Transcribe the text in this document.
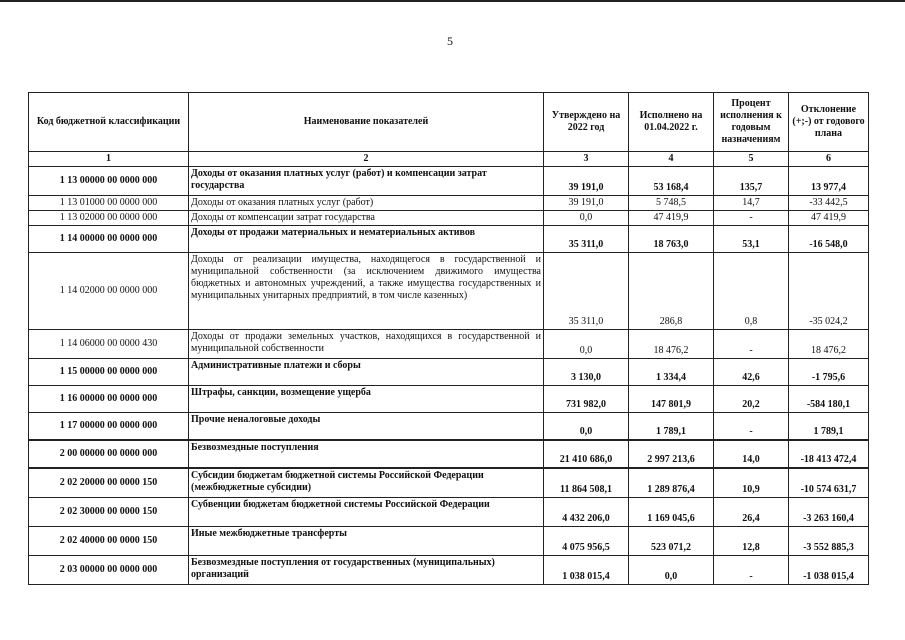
5
Код бюджетной классификации	Наименование показателей	Утверждено на 2022 год	Исполнено на 01.04.2022 г.	Процент исполнения к годовым назначениям	Отклонение (+;-) от годового плана
1	2	3	4	5	6
1 13 00000 00 0000 000	Доходы от оказания платных услуг (работ) и компенсации затрат государства	39 191,0	53 168,4	135,7	13 977,4
1 13 01000 00 0000 000	Доходы от оказания платных услуг (работ)	39 191,0	5 748,5	14,7	-33 442,5
1 13 02000 00 0000 000	Доходы от компенсации затрат государства	0,0	47 419,9	-	47 419,9
1 14 00000 00 0000 000	Доходы от продажи материальных и нематериальных активов	35 311,0	18 763,0	53,1	-16 548,0
1 14 02000 00 0000 000	Доходы от реализации имущества, находящегося в государственной и муниципальной собственности (за исключением движимого имущества бюджетных и автономных учреждений, а также имущества государственных и муниципальных унитарных предприятий, в том числе казенных)	35 311,0	286,8	0,8	-35 024,2
1 14 06000 00 0000 430	Доходы от продажи земельных участков, находящихся в государственной и муниципальной собственности	0,0	18 476,2	-	18 476,2
1 15 00000 00 0000 000	Административные платежи и сборы	3 130,0	1 334,4	42,6	-1 795,6
1 16 00000 00 0000 000	Штрафы, санкции, возмещение ущерба	731 982,0	147 801,9	20,2	-584 180,1
1 17 00000 00 0000 000	Прочие неналоговые доходы	0,0	1 789,1	-	1 789,1
2 00 00000 00 0000 000	Безвозмездные поступления	21 410 686,0	2 997 213,6	14,0	-18 413 472,4
2 02 20000 00 0000 150	Субсидии бюджетам бюджетной системы Российской Федерации (межбюджетные субсидии)	11 864 508,1	1 289 876,4	10,9	-10 574 631,7
2 02 30000 00 0000 150	Субвенции бюджетам бюджетной системы Российской Федерации	4 432 206,0	1 169 045,6	26,4	-3 263 160,4
2 02 40000 00 0000 150	Иные межбюджетные трансферты	4 075 956,5	523 071,2	12,8	-3 552 885,3
2 03 00000 00 0000 000	Безвозмездные поступления от государственных (муниципальных) организаций	1 038 015,4	0,0	-	-1 038 015,4
